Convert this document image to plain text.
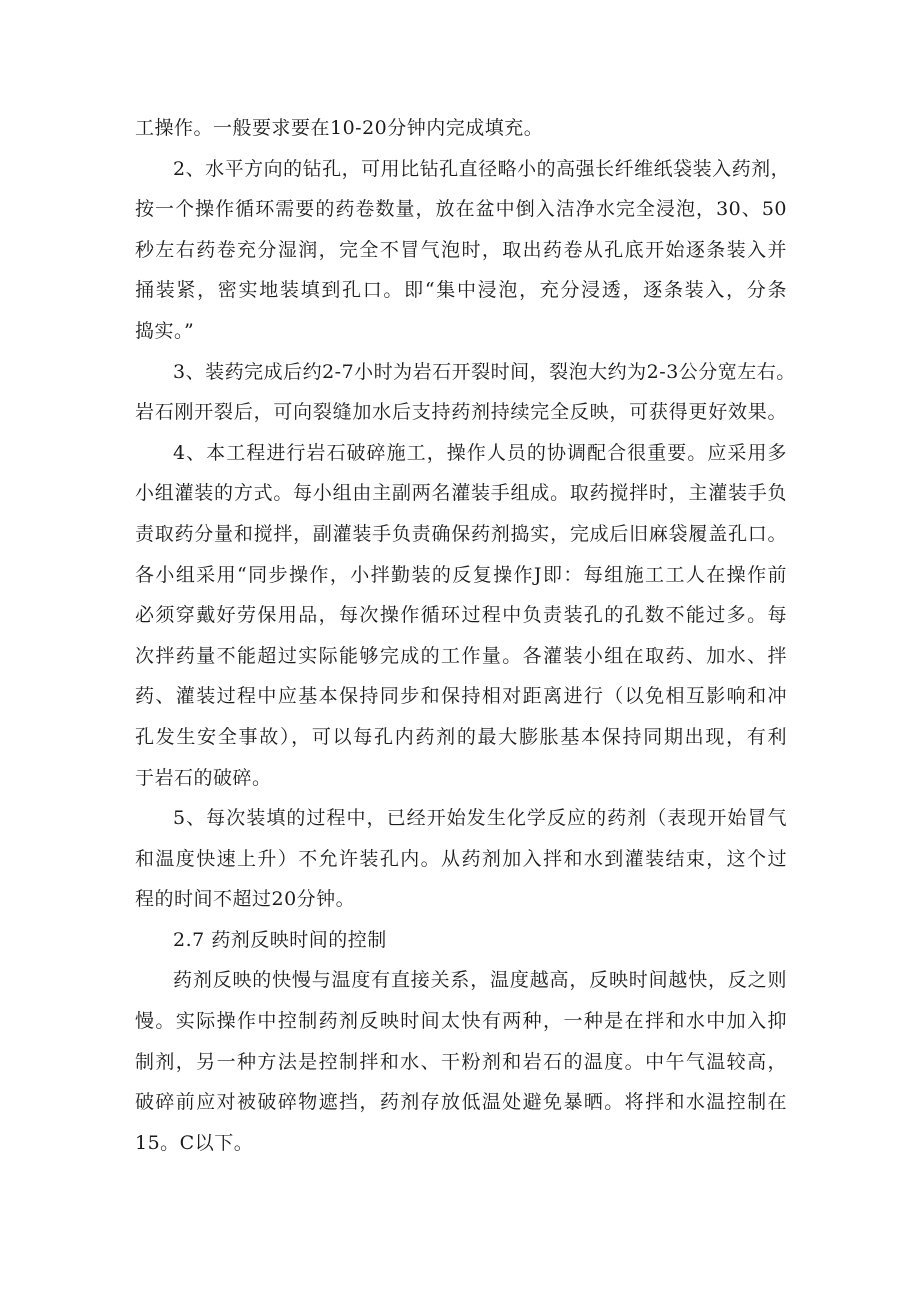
工操作。一般要求要在10-20分钟内完成填充。
2、水平方向的钻孔，可用比钻孔直径略小的高强长纤维纸袋装入药剂，
按一个操作循环需要的药卷数量，放在盆中倒入洁净水完全浸泡，30、50
秒左右药卷充分湿润，完全不冒气泡时，取出药卷从孔底开始逐条装入并
捅装紧，密实地装填到孔口。即“集中浸泡，充分浸透，逐条装入，分条
捣实。”
3、装药完成后约2-7小时为岩石开裂时间，裂泡大约为2-3公分宽左右。
岩石刚开裂后，可向裂缝加水后支持药剂持续完全反映，可获得更好效果。
4、本工程进行岩石破碎施工，操作人员的协调配合很重要。应采用多
小组灌装的方式。每小组由主副两名灌装手组成。取药搅拌时，主灌装手负
责取药分量和搅拌，副灌装手负责确保药剂捣实，完成后旧麻袋履盖孔口。
各小组采用“同步操作，小拌勤装的反复操作J即：每组施工工人在操作前
必须穿戴好劳保用品，每次操作循环过程中负责装孔的孔数不能过多。每
次拌药量不能超过实际能够完成的工作量。各灌装小组在取药、加水、拌
药、灌装过程中应基本保持同步和保持相对距离进行（以免相互影响和冲
孔发生安全事故），可以每孔内药剂的最大膨胀基本保持同期出现，有利
于岩石的破碎。
5、每次装填的过程中，已经开始发生化学反应的药剂（表现开始冒气
和温度快速上升）不允许装孔内。从药剂加入拌和水到灌装结束，这个过
程的时间不超过20分钟。
2.7 药剂反映时间的控制
药剂反映的快慢与温度有直接关系，温度越高，反映时间越快，反之则
慢。实际操作中控制药剂反映时间太快有两种，一种是在拌和水中加入抑
制剂，另一种方法是控制拌和水、干粉剂和岩石的温度。中午气温较高，
破碎前应对被破碎物遮挡，药剂存放低温处避免暴晒。将拌和水温控制在
15。C以下。
